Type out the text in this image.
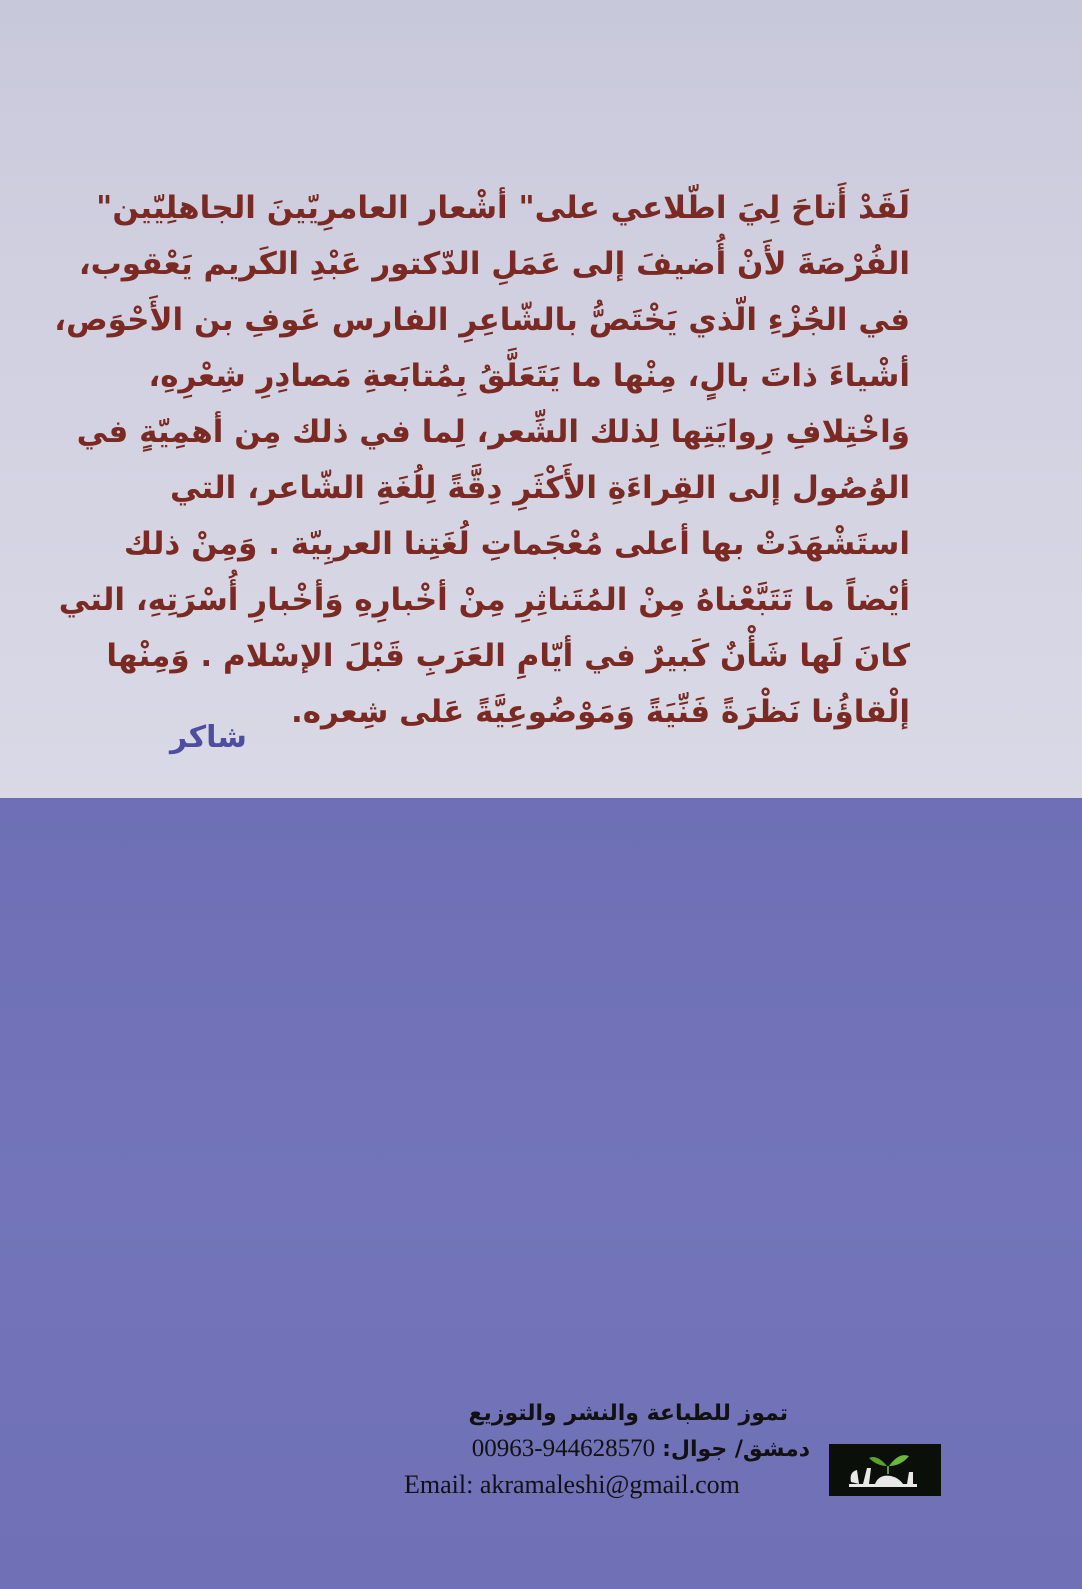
لَقَدْ أَتاحَ لِيَ اطّلاعي على" أشْعار العامرِيّينَ الجاهلِيّين"
الفُرْصَةَ لأَنْ أُضيفَ إلى عَمَلِ الدّكتور عَبْدِ الكَريم يَعْقوب،
في الجُزْءِ الّذي يَخْتَصُّ بالشّاعِرِ الفارس عَوفِ بن الأَحْوَص،
أشْياءَ ذاتَ بالٍ، مِنْها ما يَتَعَلَّقُ بِمُتابَعةِ مَصادِرِ شِعْرِهِ،
وَاخْتِلافِ رِوايَتِها لِذلك الشِّعر، لِما في ذلك مِن أهمِيّةٍ في
الوُصُول إلى القِراءَةِ الأَكْثَرِ دِقَّةً لِلُغَةِ الشّاعر، التي
استَشْهَدَتْ بها أعلى مُعْجَماتِ لُغَتِنا العربِيّة . وَمِنْ ذلك
أيْضاً ما تَتَبَّعْناهُ مِنْ المُتَناثِرِ مِنْ أخْبارِهِ وَأخْبارِ أُسْرَتِهِ، التي
كانَ لَها شَأْنٌ كَبيرٌ في أيّامِ العَرَبِ قَبْلَ الإسْلام . وَمِنْها
إلْقاؤُنا نَظْرَةً فَنِّيَةً وَمَوْضُوعِيَّةً عَلى شِعره.
شاكر
تموز للطباعة والنشر والتوزيع
دمشق/ جوال: 00963-944628570
Email: akramaleshi@gmail.com
